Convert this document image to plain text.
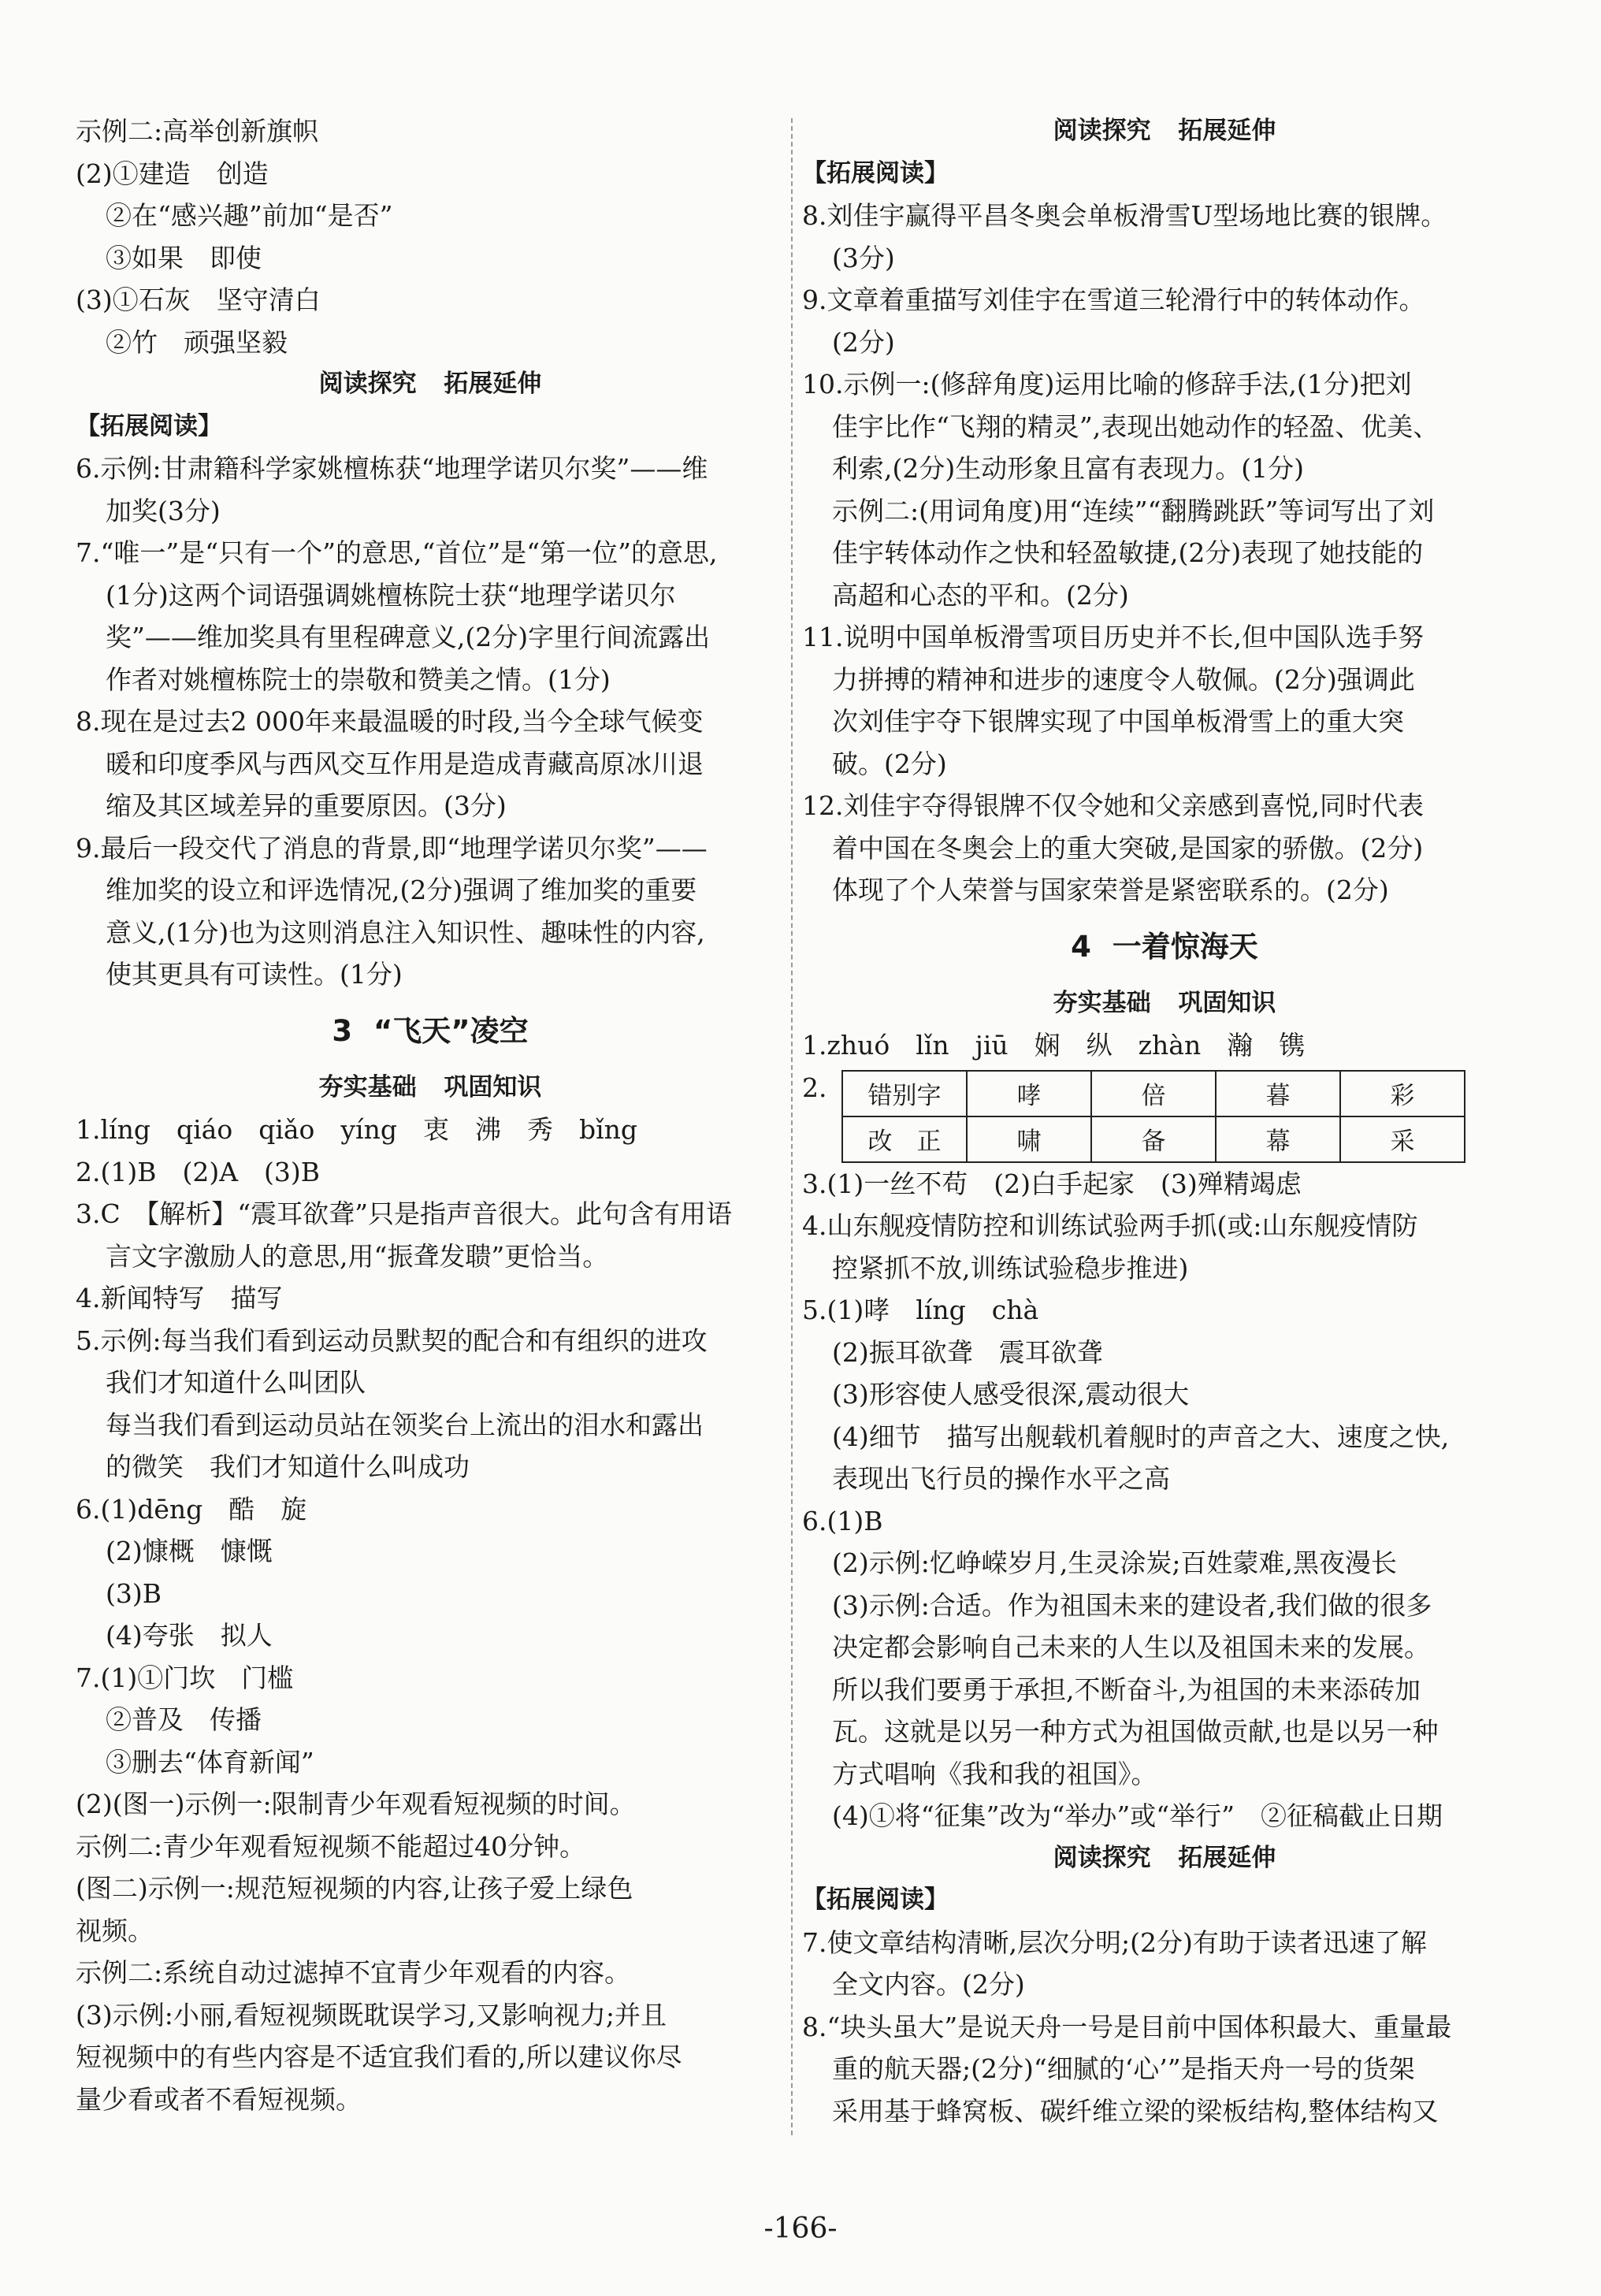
示例二:高举创新旗帜
(2)①建造　创造
②在“感兴趣”前加“是否”
③如果　即使
(3)①石灰　坚守清白
②竹　顽强坚毅
阅读探究 拓展延伸
【拓展阅读】
6.示例:甘肃籍科学家姚檀栋获“地理学诺贝尔奖”——维
加奖(3分)
7.“唯一”是“只有一个”的意思,“首位”是“第一位”的意思,
(1分)这两个词语强调姚檀栋院士获“地理学诺贝尔
奖”——维加奖具有里程碑意义,(2分)字里行间流露出
作者对姚檀栋院士的崇敬和赞美之情。(1分)
8.现在是过去2 000年来最温暖的时段,当今全球气候变
暖和印度季风与西风交互作用是造成青藏高原冰川退
缩及其区域差异的重要原因。(3分)
9.最后一段交代了消息的背景,即“地理学诺贝尔奖”——
维加奖的设立和评选情况,(2分)强调了维加奖的重要
意义,(1分)也为这则消息注入知识性、趣味性的内容,
使其更具有可读性。(1分)
3 “飞天”凌空
夯实基础 巩固知识
1.líng　qiáo　qiǎo　yíng　衷　沸　秀　bǐng
2.(1)B　(2)A　(3)B
3.C　【解析】“震耳欲聋”只是指声音很大。此句含有用语
言文字激励人的意思,用“振聋发聩”更恰当。
4.新闻特写　描写
5.示例:每当我们看到运动员默契的配合和有组织的进攻
我们才知道什么叫团队
每当我们看到运动员站在领奖台上流出的泪水和露出
的微笑　我们才知道什么叫成功
6.(1)dēng　酷　旋
(2)慷概　慷慨
(3)B
(4)夸张　拟人
7.(1)①门坎　门槛
②普及　传播
③删去“体育新闻”
(2)(图一)示例一:限制青少年观看短视频的时间。
示例二:青少年观看短视频不能超过40分钟。
(图二)示例一:规范短视频的内容,让孩子爱上绿色
视频。
示例二:系统自动过滤掉不宜青少年观看的内容。
(3)示例:小丽,看短视频既耽误学习,又影响视力;并且
短视频中的有些内容是不适宜我们看的,所以建议你尽
量少看或者不看短视频。
阅读探究 拓展延伸
【拓展阅读】
8.刘佳宇赢得平昌冬奥会单板滑雪U型场地比赛的银牌。
(3分)
9.文章着重描写刘佳宇在雪道三轮滑行中的转体动作。
(2分)
10.示例一:(修辞角度)运用比喻的修辞手法,(1分)把刘
佳宇比作“飞翔的精灵”,表现出她动作的轻盈、优美、
利索,(2分)生动形象且富有表现力。(1分)
示例二:(用词角度)用“连续”“翻腾跳跃”等词写出了刘
佳宇转体动作之快和轻盈敏捷,(2分)表现了她技能的
高超和心态的平和。(2分)
11.说明中国单板滑雪项目历史并不长,但中国队选手努
力拼搏的精神和进步的速度令人敬佩。(2分)强调此
次刘佳宇夺下银牌实现了中国单板滑雪上的重大突
破。(2分)
12.刘佳宇夺得银牌不仅令她和父亲感到喜悦,同时代表
着中国在冬奥会上的重大突破,是国家的骄傲。(2分)
体现了个人荣誉与国家荣誉是紧密联系的。(2分)
4 一着惊海天
夯实基础 巩固知识
1.zhuó　lǐn　jiū　娴　纵　zhàn　瀚　镌
2.	错别字	哮	倍	暮	彩
改　正	啸	备	幕	采
3.(1)一丝不苟　(2)白手起家　(3)殚精竭虑
4.山东舰疫情防控和训练试验两手抓(或:山东舰疫情防
控紧抓不放,训练试验稳步推进)
5.(1)哮　líng　chà
(2)振耳欲聋　震耳欲聋
(3)形容使人感受很深,震动很大
(4)细节　描写出舰载机着舰时的声音之大、速度之快,
表现出飞行员的操作水平之高
6.(1)B
(2)示例:忆峥嵘岁月,生灵涂炭;百姓蒙难,黑夜漫长
(3)示例:合适。作为祖国未来的建设者,我们做的很多
决定都会影响自己未来的人生以及祖国未来的发展。
所以我们要勇于承担,不断奋斗,为祖国的未来添砖加
瓦。这就是以另一种方式为祖国做贡献,也是以另一种
方式唱响《我和我的祖国》。
(4)①将“征集”改为“举办”或“举行”　②征稿截止日期
阅读探究 拓展延伸
【拓展阅读】
7.使文章结构清晰,层次分明;(2分)有助于读者迅速了解
全文内容。(2分)
8.“块头虽大”是说天舟一号是目前中国体积最大、重量最
重的航天器;(2分)“细腻的‘心’”是指天舟一号的货架
采用基于蜂窝板、碳纤维立梁的梁板结构,整体结构又
-166-
